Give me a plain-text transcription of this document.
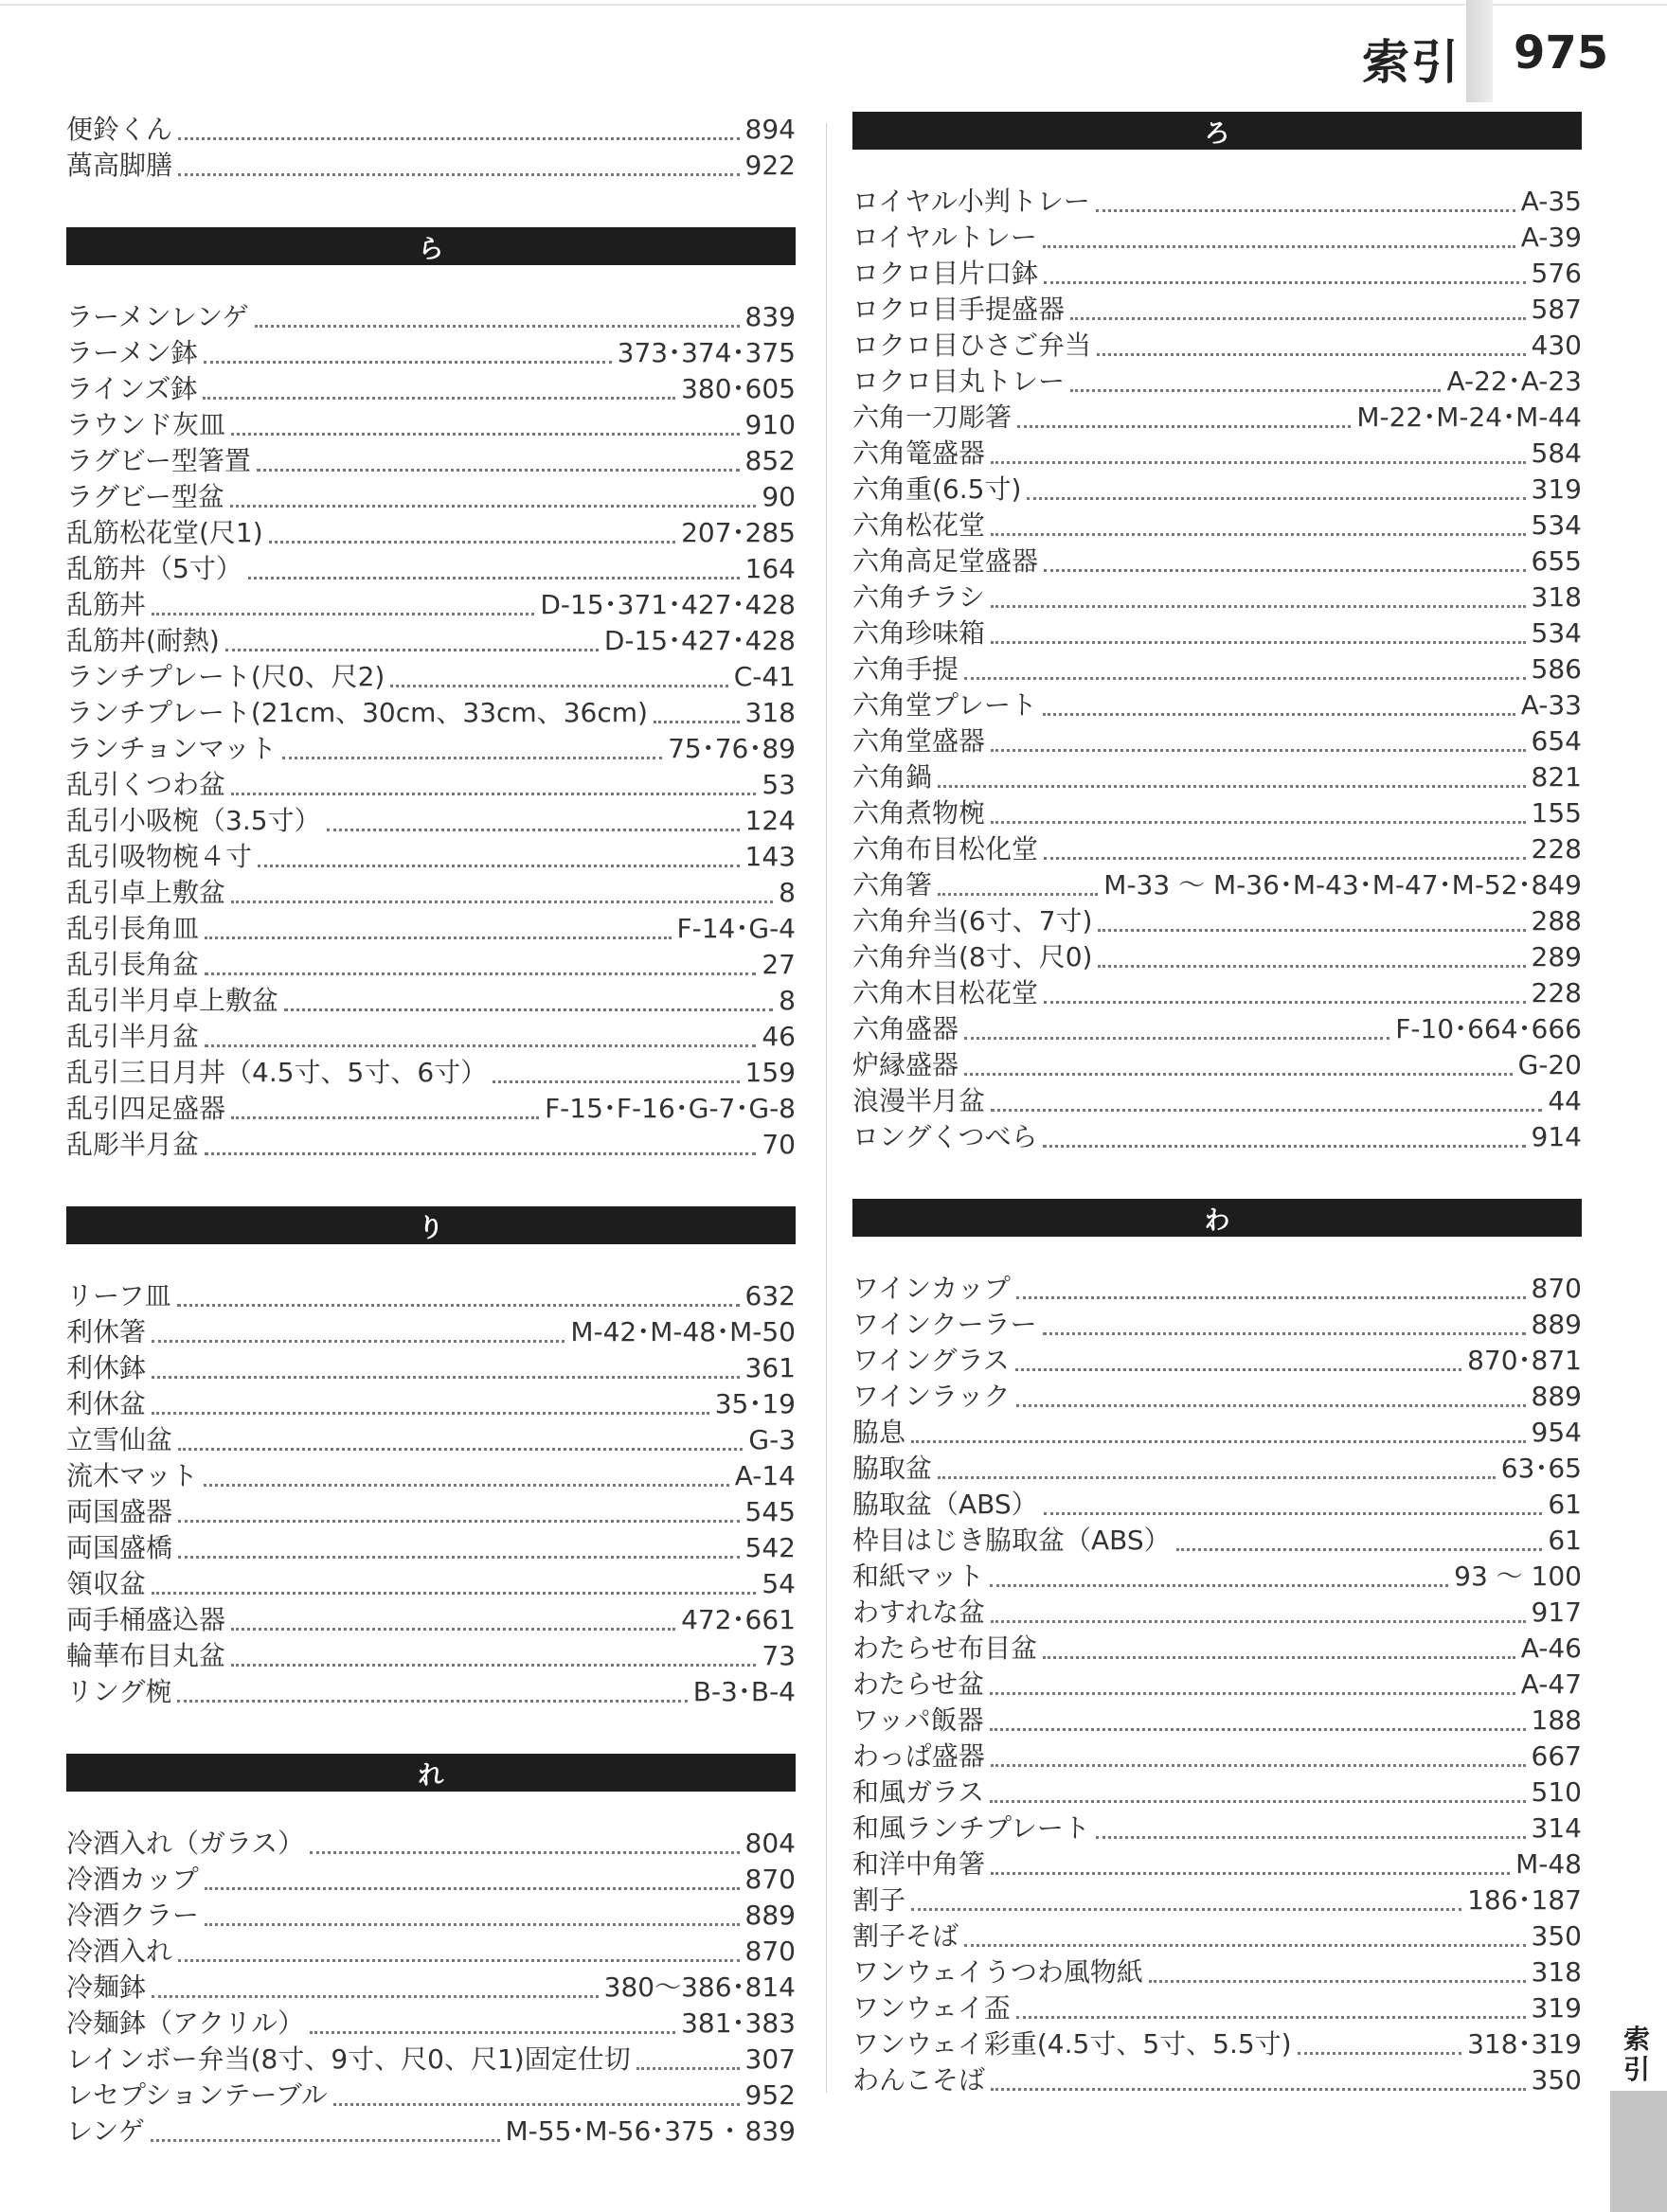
索引 975
便鈴くん	894
萬高脚膳	922
ら
ラーメンレンゲ	839
ラーメン鉢	373･374･375
ラインズ鉢	380･605
ラウンド灰皿	910
ラグビー型箸置	852
ラグビー型盆	90
乱筋松花堂(尺1)	207･285
乱筋丼（5寸）	164
乱筋丼	D-15･371･427･428
乱筋丼(耐熱)	D-15･427･428
ランチプレート(尺0、尺2)	C-41
ランチプレート(21cm、30cm、33cm、36cm)	318
ランチョンマット	75･76･89
乱引くつわ盆	53
乱引小吸椀（3.5寸）	124
乱引吸物椀４寸	143
乱引卓上敷盆	8
乱引長角皿	F-14･G-4
乱引長角盆	27
乱引半月卓上敷盆	8
乱引半月盆	46
乱引三日月丼（4.5寸、5寸、6寸）	159
乱引四足盛器	F-15･F-16･G-7･G-8
乱彫半月盆	70
り
リーフ皿	632
利休箸	M-42･M-48･M-50
利休鉢	361
利休盆	35･19
立雪仙盆	G-3
流木マット	A-14
両国盛器	545
両国盛橋	542
領収盆	54
両手桶盛込器	472･661
輪華布目丸盆	73
リング椀	B-3･B-4
れ
冷酒入れ（ガラス）	804
冷酒カップ	870
冷酒クラー	889
冷酒入れ	870
冷麺鉢	380～386･814
冷麺鉢（アクリル）	381･383
レインボー弁当(8寸、9寸、尺0、尺1)固定仕切	307
レセプションテーブル	952
レンゲ	M-55･M-56･375 ･ 839
ろ
ロイヤル小判トレー	A-35
ロイヤルトレー	A-39
ロクロ目片口鉢	576
ロクロ目手提盛器	587
ロクロ目ひさご弁当	430
ロクロ目丸トレー	A-22･A-23
六角一刀彫箸	M-22･M-24･M-44
六角篭盛器	584
六角重(6.5寸)	319
六角松花堂	534
六角高足堂盛器	655
六角チラシ	318
六角珍味箱	534
六角手提	586
六角堂プレート	A-33
六角堂盛器	654
六角鍋	821
六角煮物椀	155
六角布目松化堂	228
六角箸	M-33 ～ M-36･M-43･M-47･M-52･849
六角弁当(6寸、7寸)	288
六角弁当(8寸、尺0)	289
六角木目松花堂	228
六角盛器	F-10･664･666
炉縁盛器	G-20
浪漫半月盆	44
ロングくつべら	914
わ
ワインカップ	870
ワインクーラー	889
ワイングラス	870･871
ワインラック	889
脇息	954
脇取盆	63･65
脇取盆（ABS）	61
枠目はじき脇取盆（ABS）	61
和紙マット	93 ～ 100
わすれな盆	917
わたらせ布目盆	A-46
わたらせ盆	A-47
ワッパ飯器	188
わっぱ盛器	667
和風ガラス	510
和風ランチプレート	314
和洋中角箸	M-48
割子	186･187
割子そば	350
ワンウェイうつわ風物紙	318
ワンウェイ盃	319
ワンウェイ彩重(4.5寸、5寸、5.5寸)	318･319
わんこそば	350
索引
